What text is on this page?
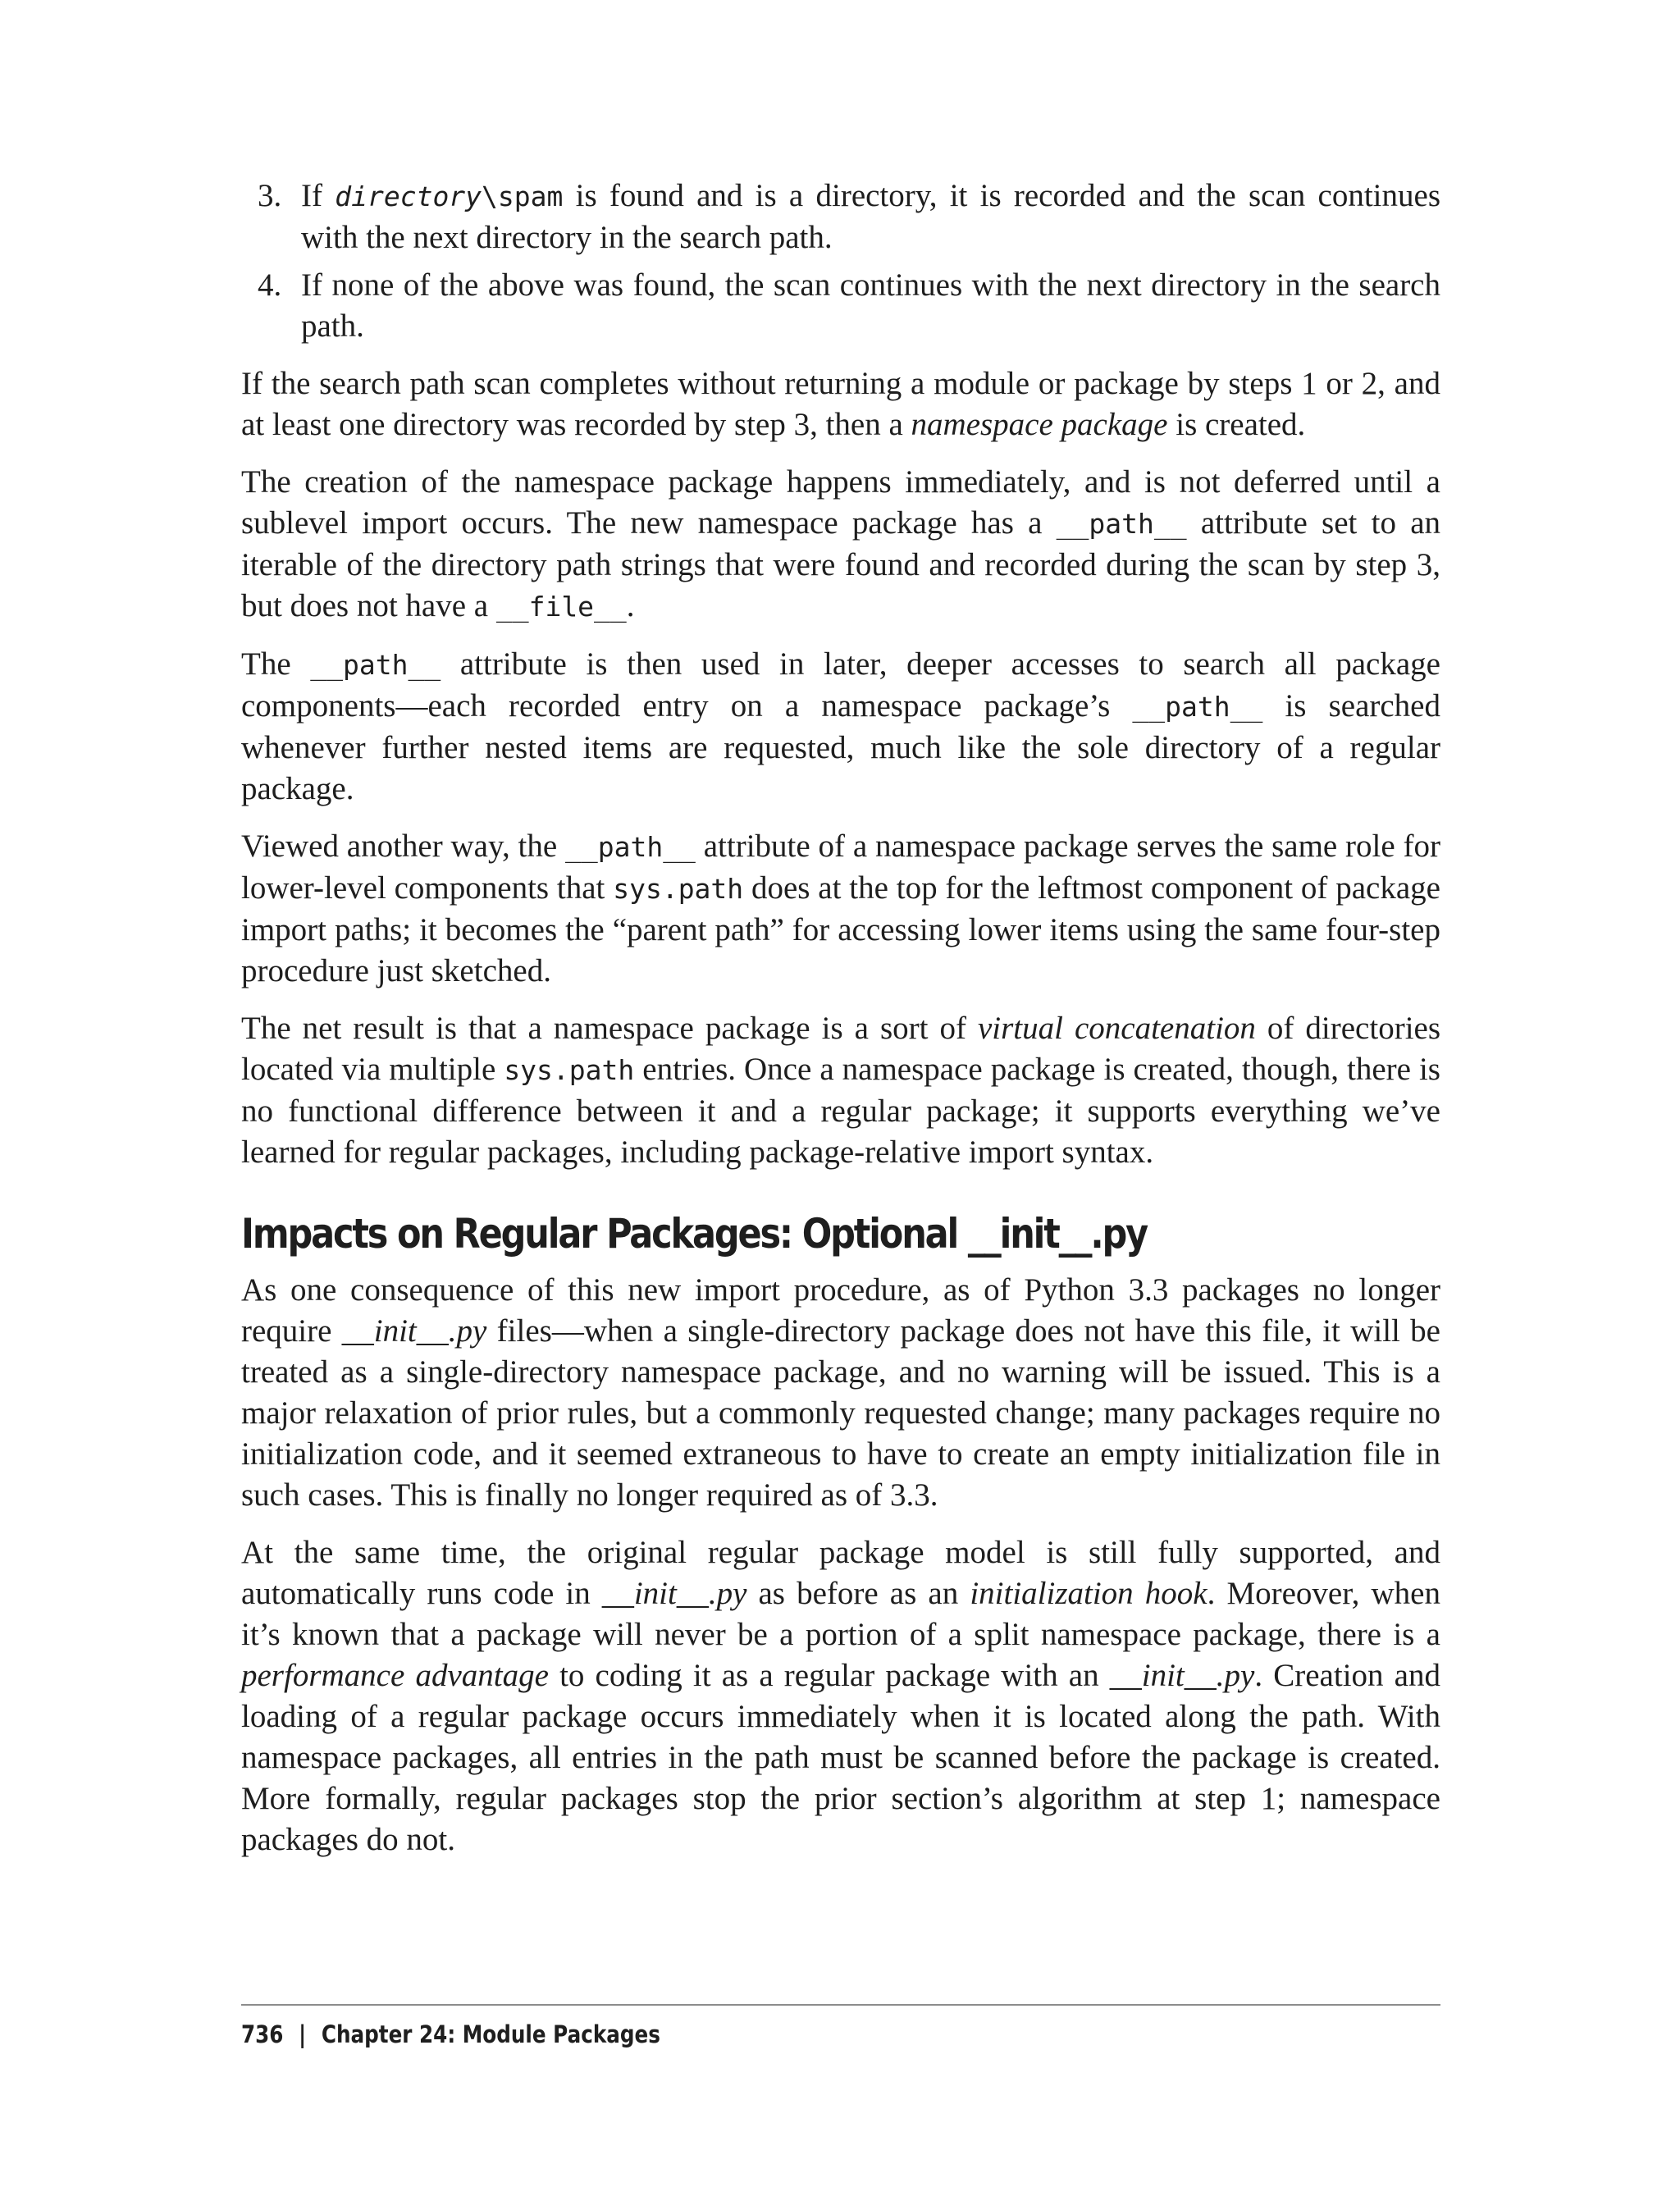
3. If directory\spam is found and is a directory, it is recorded and the scan continues with the next directory in the search path.
4. If none of the above was found, the scan continues with the next directory in the search path.

If the search path scan completes without returning a module or package by steps 1 or 2, and at least one directory was recorded by step 3, then a namespace package is created.

The creation of the namespace package happens immediately, and is not deferred until a sublevel import occurs. The new namespace package has a __path__ attribute set to an iterable of the directory path strings that were found and recorded during the scan by step 3, but does not have a __file__.

The __path__ attribute is then used in later, deeper accesses to search all package components—each recorded entry on a namespace package’s __path__ is searched whenever further nested items are requested, much like the sole directory of a regular package.

Viewed another way, the __path__ attribute of a namespace package serves the same role for lower-level components that sys.path does at the top for the leftmost component of package import paths; it becomes the “parent path” for accessing lower items using the same four-step procedure just sketched.

The net result is that a namespace package is a sort of virtual concatenation of directories located via multiple sys.path entries. Once a namespace package is created, though, there is no functional difference between it and a regular package; it supports everything we’ve learned for regular packages, including package-relative import syntax.

Impacts on Regular Packages: Optional __init__.py

As one consequence of this new import procedure, as of Python 3.3 packages no longer require __init__.py files—when a single-directory package does not have this file, it will be treated as a single-directory namespace package, and no warning will be issued. This is a major relaxation of prior rules, but a commonly requested change; many packages require no initialization code, and it seemed extraneous to have to create an empty initialization file in such cases. This is finally no longer required as of 3.3.

At the same time, the original regular package model is still fully supported, and automatically runs code in __init__.py as before as an initialization hook. Moreover, when it’s known that a package will never be a portion of a split namespace package, there is a performance advantage to coding it as a regular package with an __init__.py. Creation and loading of a regular package occurs immediately when it is located along the path. With namespace packages, all entries in the path must be scanned before the package is created. More formally, regular packages stop the prior section’s algorithm at step 1; namespace packages do not.

736 | Chapter 24: Module Packages
